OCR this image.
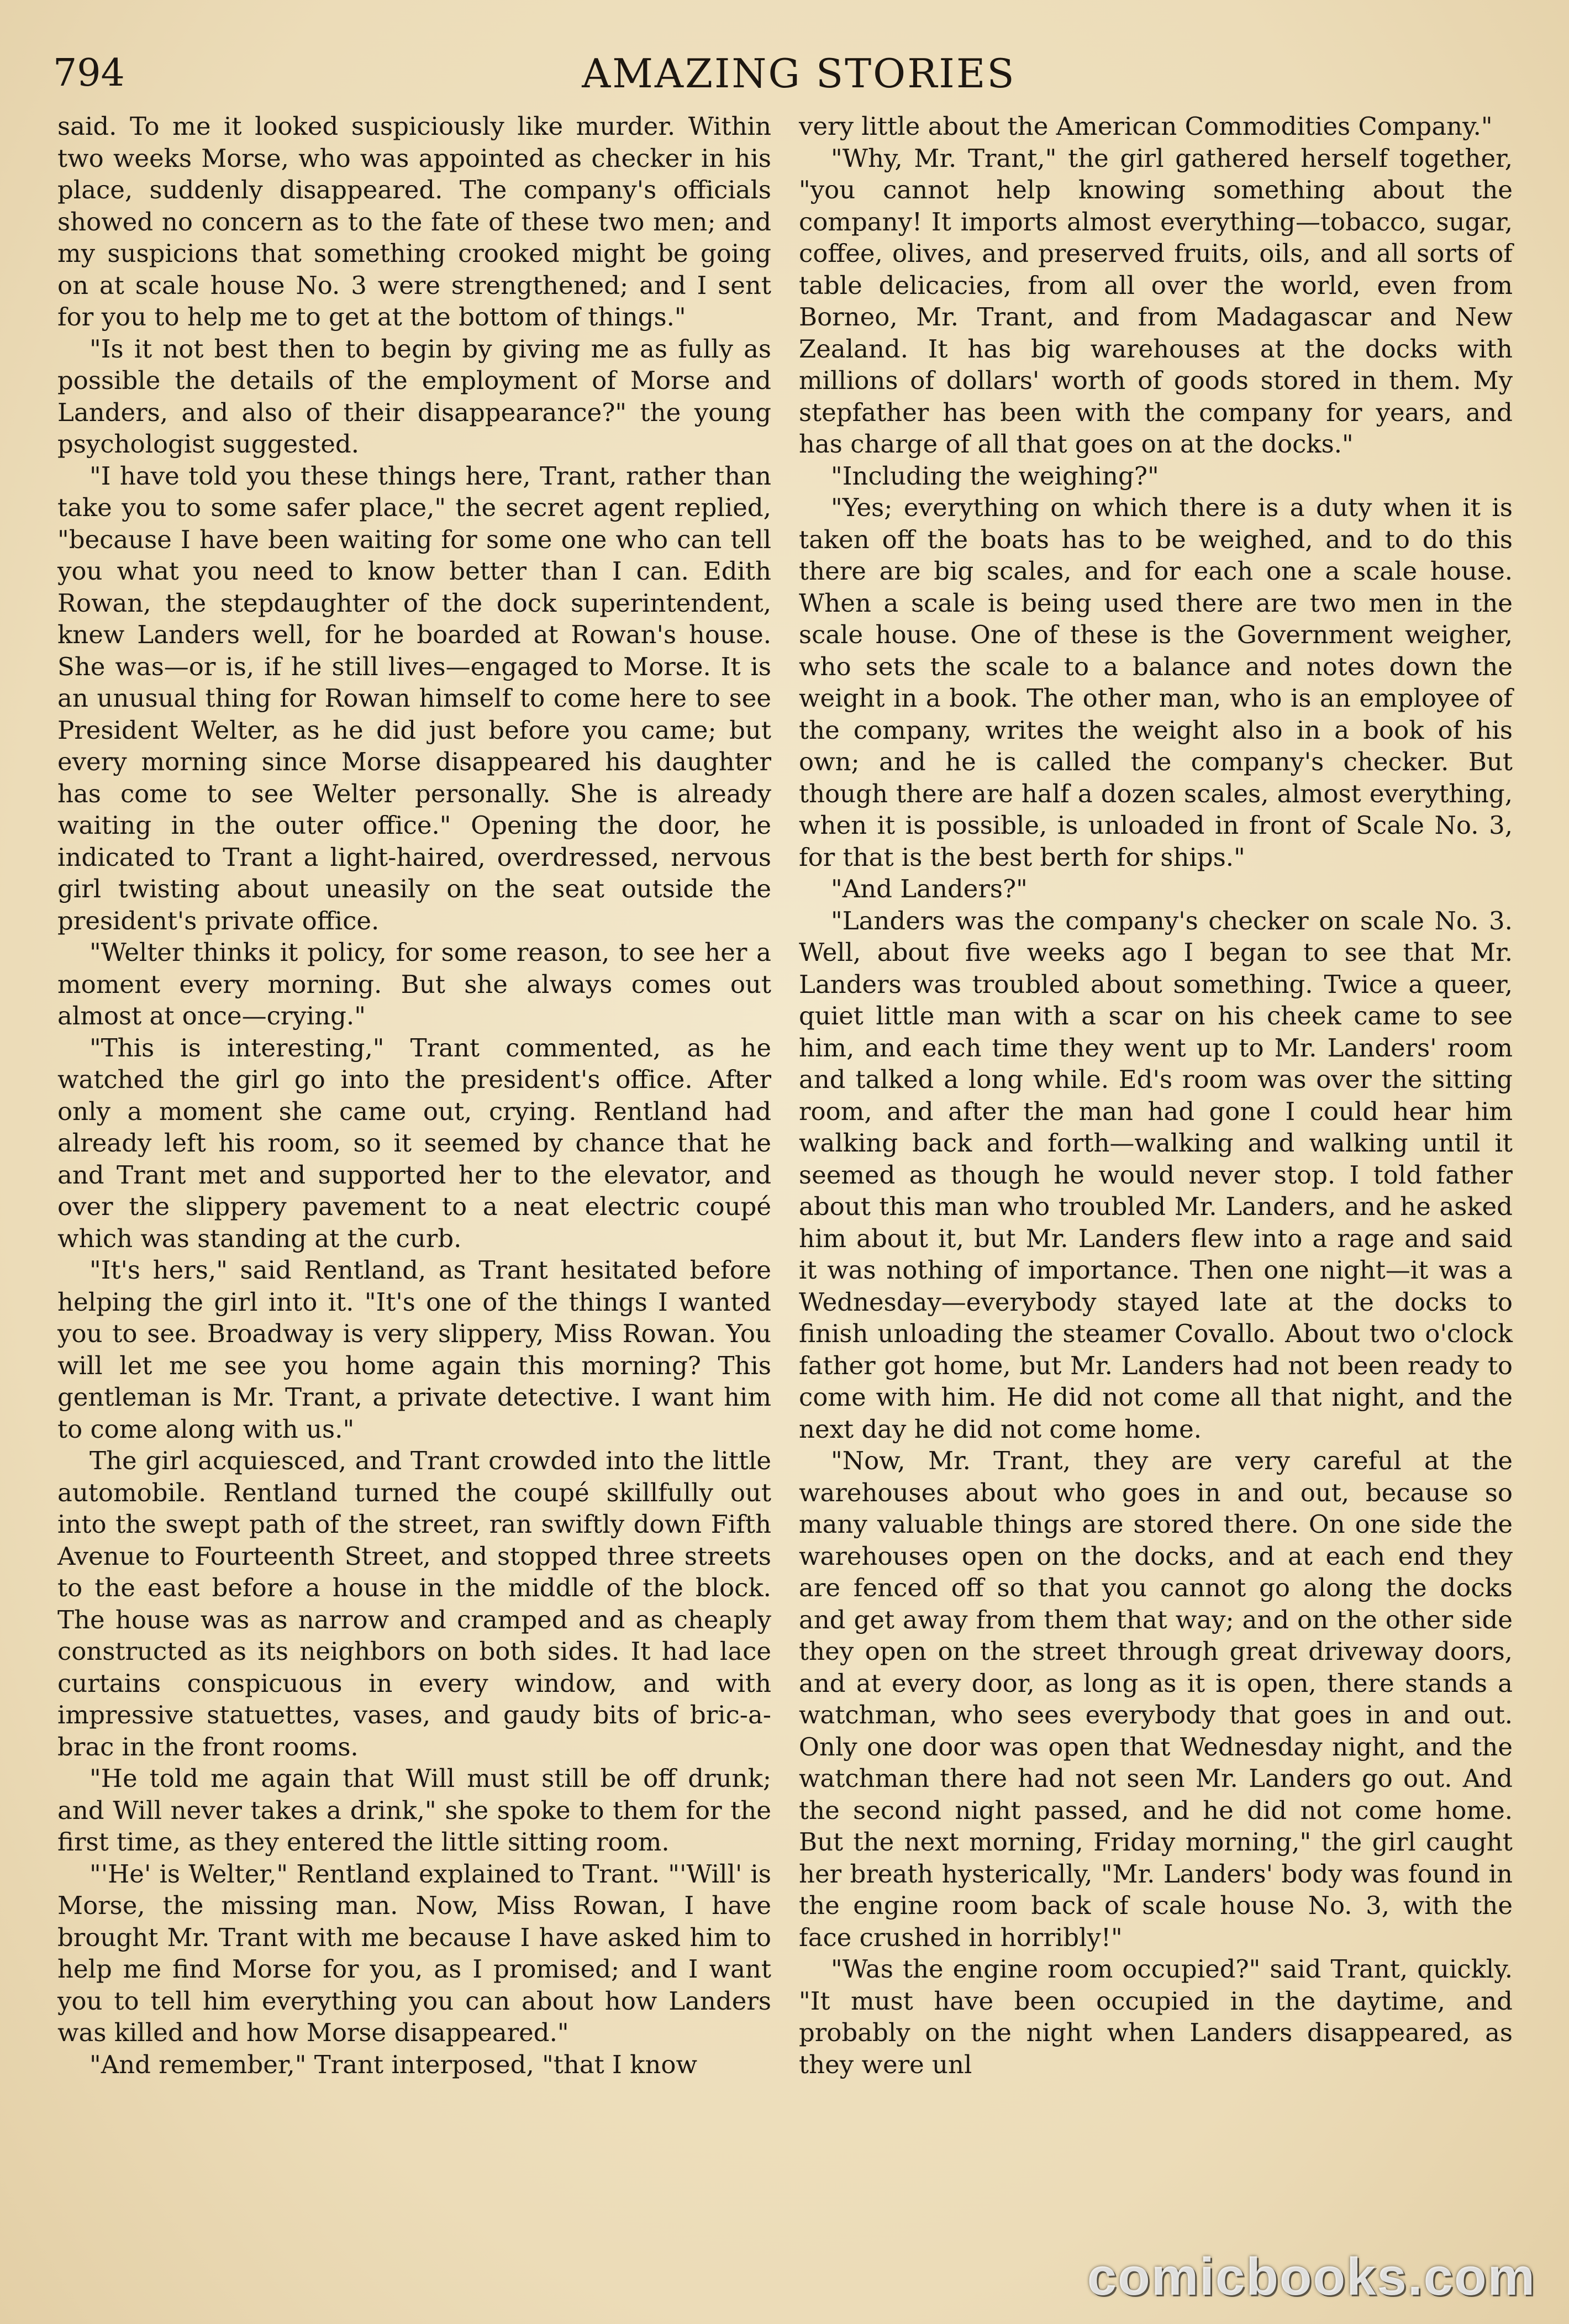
794	AMAZING STORIES

said. To me it looked suspiciously like murder. Within two weeks Morse, who was appointed as checker in his place, suddenly disappeared. The company's officials showed no concern as to the fate of these two men; and my suspicions that something crooked might be going on at scale house No. 3 were strengthened; and I sent for you to help me to get at the bottom of things."

"Is it not best then to begin by giving me as fully as possible the details of the employment of Morse and Landers, and also of their disappearance?" the young psychologist suggested.

"I have told you these things here, Trant, rather than take you to some safer place," the secret agent replied, "because I have been waiting for some one who can tell you what you need to know better than I can. Edith Rowan, the stepdaughter of the dock superintendent, knew Landers well, for he boarded at Rowan's house. She was—or is, if he still lives—engaged to Morse. It is an unusual thing for Rowan himself to come here to see President Welter, as he did just before you came; but every morning since Morse disappeared his daughter has come to see Welter personally. She is already waiting in the outer office." Opening the door, he indicated to Trant a light-haired, overdressed, nervous girl twisting about uneasily on the seat outside the president's private office.

"Welter thinks it policy, for some reason, to see her a moment every morning. But she always comes out almost at once—crying."

"This is interesting," Trant commented, as he watched the girl go into the president's office. After only a moment she came out, crying. Rentland had already left his room, so it seemed by chance that he and Trant met and supported her to the elevator, and over the slippery pavement to a neat electric coupé which was standing at the curb.

"It's hers," said Rentland, as Trant hesitated before helping the girl into it. "It's one of the things I wanted you to see. Broadway is very slippery, Miss Rowan. You will let me see you home again this morning? This gentleman is Mr. Trant, a private detective. I want him to come along with us."

The girl acquiesced, and Trant crowded into the little automobile. Rentland turned the coupé skillfully out into the swept path of the street, ran swiftly down Fifth Avenue to Fourteenth Street, and stopped three streets to the east before a house in the middle of the block. The house was as narrow and cramped and as cheaply constructed as its neighbors on both sides. It had lace curtains conspicuous in every window, and with impressive statuettes, vases, and gaudy bits of bric-a-brac in the front rooms.

"He told me again that Will must still be off drunk; and Will never takes a drink," she spoke to them for the first time, as they entered the little sitting room.

"'He' is Welter," Rentland explained to Trant. "'Will' is Morse, the missing man. Now, Miss Rowan, I have brought Mr. Trant with me because I have asked him to help me find Morse for you, as I promised; and I want you to tell him everything you can about how Landers was killed and how Morse disappeared."

"And remember," Trant interposed, "that I know

very little about the American Commodities Company."

"Why, Mr. Trant," the girl gathered herself together, "you cannot help knowing something about the company! It imports almost everything—tobacco, sugar, coffee, olives, and preserved fruits, oils, and all sorts of table delicacies, from all over the world, even from Borneo, Mr. Trant, and from Madagascar and New Zealand. It has big warehouses at the docks with millions of dollars' worth of goods stored in them. My stepfather has been with the company for years, and has charge of all that goes on at the docks."

"Including the weighing?"

"Yes; everything on which there is a duty when it is taken off the boats has to be weighed, and to do this there are big scales, and for each one a scale house. When a scale is being used there are two men in the scale house. One of these is the Government weigher, who sets the scale to a balance and notes down the weight in a book. The other man, who is an employee of the company, writes the weight also in a book of his own; and he is called the company's checker. But though there are half a dozen scales, almost everything, when it is possible, is unloaded in front of Scale No. 3, for that is the best berth for ships."

"And Landers?"

"Landers was the company's checker on scale No. 3. Well, about five weeks ago I began to see that Mr. Landers was troubled about something. Twice a queer, quiet little man with a scar on his cheek came to see him, and each time they went up to Mr. Landers' room and talked a long while. Ed's room was over the sitting room, and after the man had gone I could hear him walking back and forth—walking and walking until it seemed as though he would never stop. I told father about this man who troubled Mr. Landers, and he asked him about it, but Mr. Landers flew into a rage and said it was nothing of importance. Then one night—it was a Wednesday—everybody stayed late at the docks to finish unloading the steamer Covallo. About two o'clock father got home, but Mr. Landers had not been ready to come with him. He did not come all that night, and the next day he did not come home.

"Now, Mr. Trant, they are very careful at the warehouses about who goes in and out, because so many valuable things are stored there. On one side the warehouses open on the docks, and at each end they are fenced off so that you cannot go along the docks and get away from them that way; and on the other side they open on the street through great driveway doors, and at every door, as long as it is open, there stands a watchman, who sees everybody that goes in and out. Only one door was open that Wednesday night, and the watchman there had not seen Mr. Landers go out. And the second night passed, and he did not come home. But the next morning, Friday morning," the girl caught her breath hysterically, "Mr. Landers' body was found in the engine room back of scale house No. 3, with the face crushed in horribly!"

"Was the engine room occupied?" said Trant, quickly. "It must have been occupied in the daytime, and probably on the night when Landers disappeared, as they were unl

comicbooks.com
